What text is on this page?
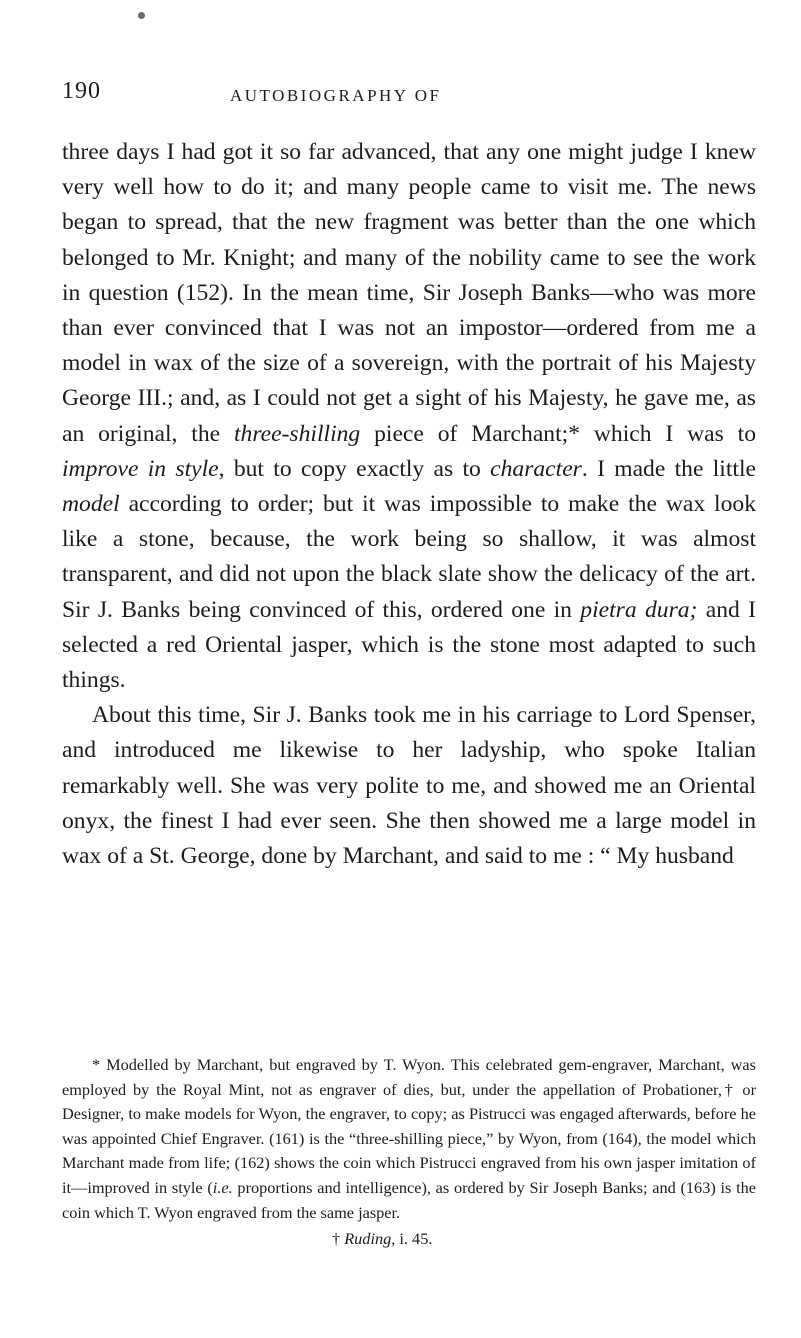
190	AUTOBIOGRAPHY OF

three days I had got it so far advanced, that any one might judge I knew very well how to do it; and many people came to visit me. The news began to spread, that the new fragment was better than the one which belonged to Mr. Knight; and many of the nobility came to see the work in question (152). In the mean time, Sir Joseph Banks—who was more than ever convinced that I was not an impostor—ordered from me a model in wax of the size of a sovereign, with the portrait of his Majesty George III.; and, as I could not get a sight of his Majesty, he gave me, as an original, the three-shilling piece of Marchant;* which I was to improve in style, but to copy exactly as to character. I made the little model according to order; but it was impossible to make the wax look like a stone, because, the work being so shallow, it was almost transparent, and did not upon the black slate show the delicacy of the art. Sir J. Banks being convinced of this, ordered one in pietra dura; and I selected a red Oriental jasper, which is the stone most adapted to such things.

About this time, Sir J. Banks took me in his carriage to Lord Spenser, and introduced me likewise to her ladyship, who spoke Italian remarkably well. She was very polite to me, and showed me an Oriental onyx, the finest I had ever seen. She then showed me a large model in wax of a St. George, done by Marchant, and said to me : “ My husband

* Modelled by Marchant, but engraved by T. Wyon. This celebrated gem-engraver, Marchant, was employed by the Royal Mint, not as engraver of dies, but, under the appellation of Probationer,† or Designer, to make models for Wyon, the engraver, to copy; as Pistrucci was engaged afterwards, before he was appointed Chief Engraver. (161) is the “three-shilling piece,” by Wyon, from (164), the model which Marchant made from life; (162) shows the coin which Pistrucci engraved from his own jasper imitation of it—improved in style (i.e. proportions and intelligence), as ordered by Sir Joseph Banks; and (163) is the coin which T. Wyon engraved from the same jasper.

† Ruding, i. 45.
